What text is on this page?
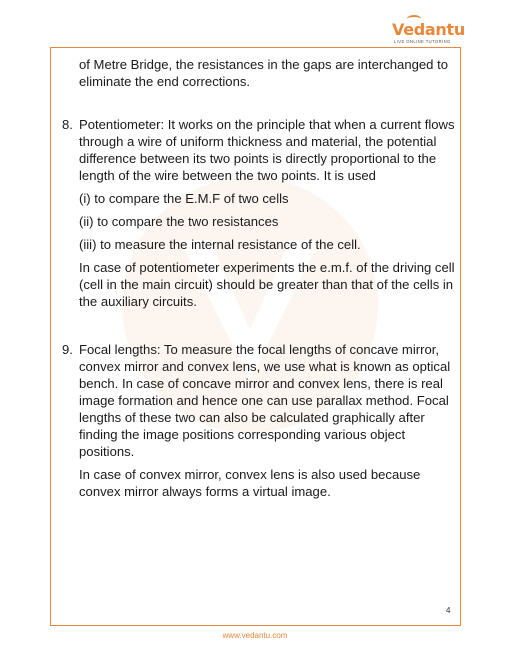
Vedantu
LIVE ONLINE TUTORING

of Metre Bridge, the resistances in the gaps are interchanged to eliminate the end corrections.

8. Potentiometer: It works on the principle that when a current flows through a wire of uniform thickness and material, the potential difference between its two points is directly proportional to the length of the wire between the two points. It is used

(i) to compare the E.M.F of two cells

(ii) to compare the two resistances

(iii) to measure the internal resistance of the cell.

In case of potentiometer experiments the e.m.f. of the driving cell (cell in the main circuit) should be greater than that of the cells in the auxiliary circuits.

9. Focal lengths: To measure the focal lengths of concave mirror, convex mirror and convex lens, we use what is known as optical bench. In case of concave mirror and convex lens, there is real image formation and hence one can use parallax method. Focal lengths of these two can also be calculated graphically after finding the image positions corresponding various object positions.

In case of convex mirror, convex lens is also used because convex mirror always forms a virtual image.

4
www.vedantu.com
